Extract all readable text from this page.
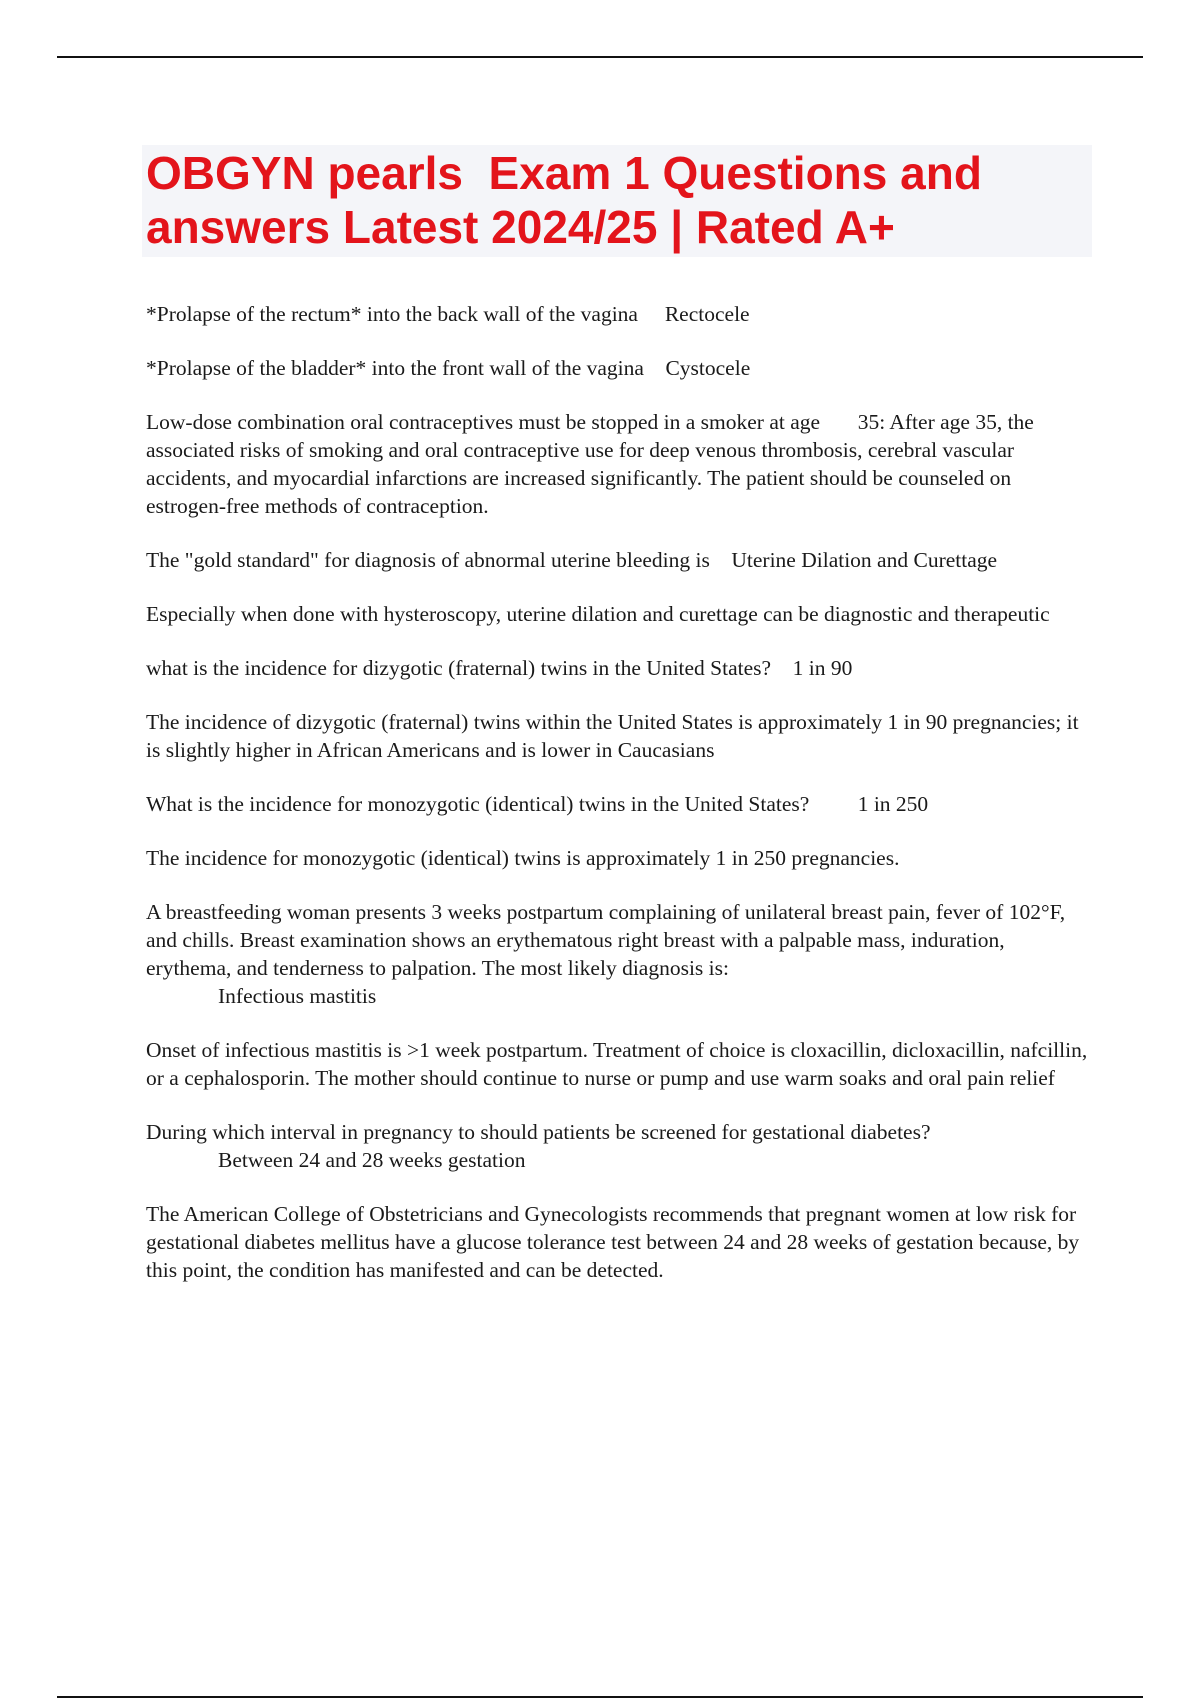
OBGYN pearls  Exam 1 Questions and answers Latest 2024/25 | Rated A+

*Prolapse of the rectum* into the back wall of the vagina Rectocele

*Prolapse of the bladder* into the front wall of the vagina Cystocele

Low-dose combination oral contraceptives must be stopped in a smoker at age 35: After age 35, the associated risks of smoking and oral contraceptive use for deep venous thrombosis, cerebral vascular accidents, and myocardial infarctions are increased significantly. The patient should be counseled on estrogen-free methods of contraception.

The "gold standard" for diagnosis of abnormal uterine bleeding is Uterine Dilation and Curettage

Especially when done with hysteroscopy, uterine dilation and curettage can be diagnostic and therapeutic

what is the incidence for dizygotic (fraternal) twins in the United States? 1 in 90

The incidence of dizygotic (fraternal) twins within the United States is approximately 1 in 90 pregnancies; it is slightly higher in African Americans and is lower in Caucasians

What is the incidence for monozygotic (identical) twins in the United States? 1 in 250

The incidence for monozygotic (identical) twins is approximately 1 in 250 pregnancies.

A breastfeeding woman presents 3 weeks postpartum complaining of unilateral breast pain, fever of 102°F, and chills. Breast examination shows an erythematous right breast with a palpable mass, induration, erythema, and tenderness to palpation. The most likely diagnosis is:
Infectious mastitis

Onset of infectious mastitis is >1 week postpartum. Treatment of choice is cloxacillin, dicloxacillin, nafcillin, or a cephalosporin. The mother should continue to nurse or pump and use warm soaks and oral pain relief

During which interval in pregnancy to should patients be screened for gestational diabetes?
Between 24 and 28 weeks gestation

The American College of Obstetricians and Gynecologists recommends that pregnant women at low risk for gestational diabetes mellitus have a glucose tolerance test between 24 and 28 weeks of gestation because, by this point, the condition has manifested and can be detected.
